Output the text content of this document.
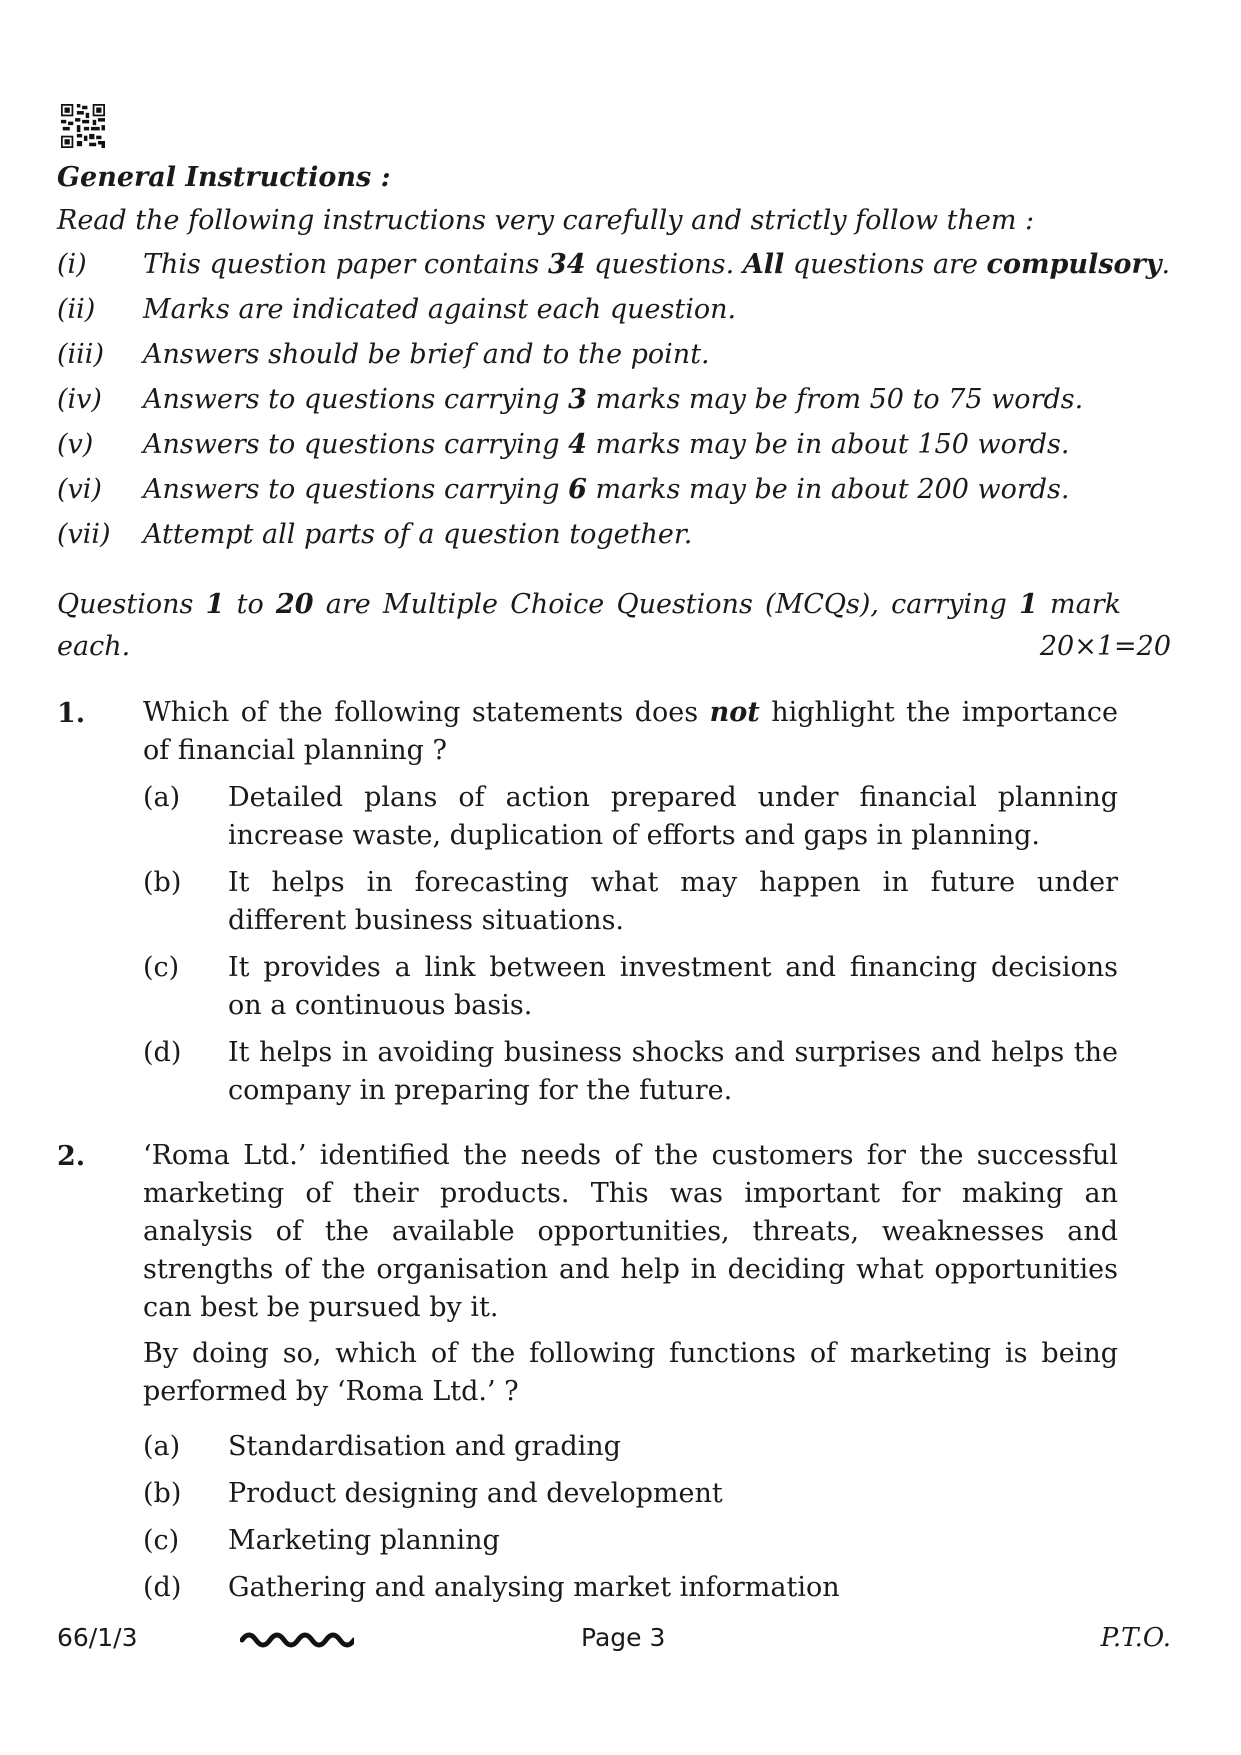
General Instructions :
Read the following instructions very carefully and strictly follow them :
(i) This question paper contains 34 questions. All questions are compulsory.
(ii) Marks are indicated against each question.
(iii) Answers should be brief and to the point.
(iv) Answers to questions carrying 3 marks may be from 50 to 75 words.
(v) Answers to questions carrying 4 marks may be in about 150 words.
(vi) Answers to questions carrying 6 marks may be in about 200 words.
(vii) Attempt all parts of a question together.
Questions 1 to 20 are Multiple Choice Questions (MCQs), carrying 1 mark
each.	20×1=20
1. Which of the following statements does not highlight the importance of financial planning ?
(a) Detailed plans of action prepared under financial planning increase waste, duplication of efforts and gaps in planning.
(b) It helps in forecasting what may happen in future under different business situations.
(c) It provides a link between investment and financing decisions on a continuous basis.
(d) It helps in avoiding business shocks and surprises and helps the company in preparing for the future.
2. ‘Roma Ltd.’ identified the needs of the customers for the successful marketing of their products. This was important for making an analysis of the available opportunities, threats, weaknesses and strengths of the organisation and help in deciding what opportunities can best be pursued by it.
By doing so, which of the following functions of marketing is being performed by ‘Roma Ltd.’ ?
(a) Standardisation and grading
(b) Product designing and development
(c) Marketing planning
(d) Gathering and analysing market information
66/1/3	Page 3	P.T.O.
